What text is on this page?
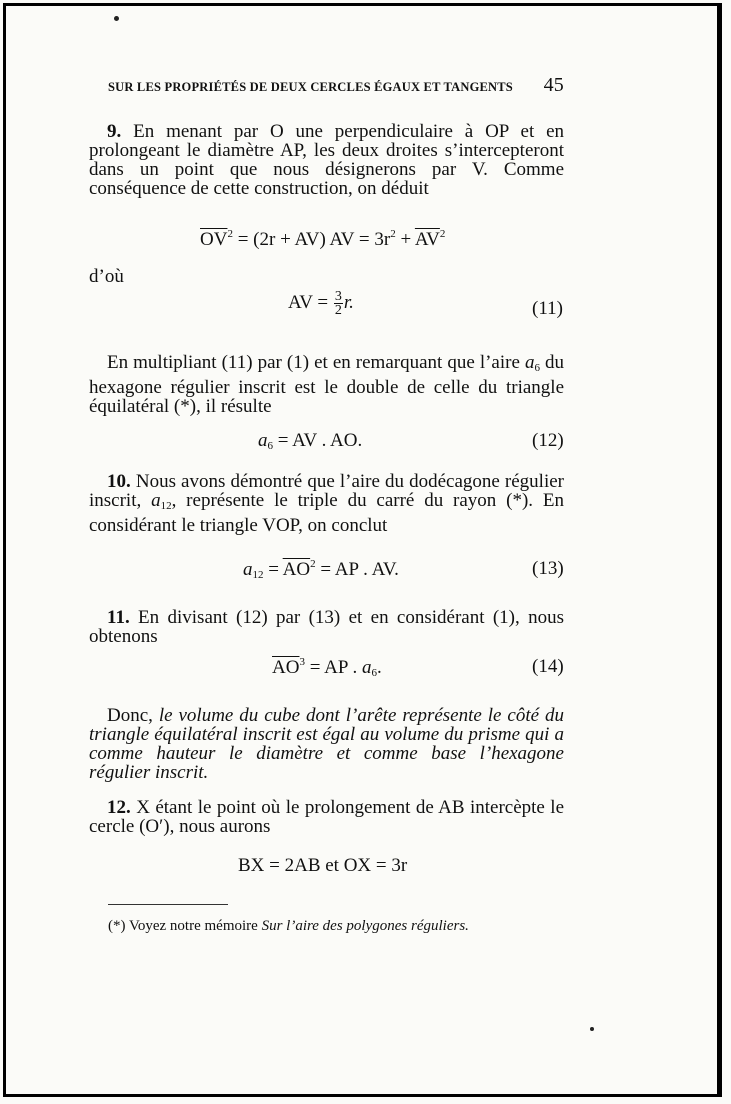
SUR LES PROPRIÉTÉS DE DEUX CERCLES ÉGAUX ET TANGENTS 45
9. En menant par O une perpendiculaire à OP et en prolongeant le diamètre AP, les deux droites s’intercepteront dans un point que nous désignerons par V. Comme conséquence de cette construction, on déduit
$\overline{OV}^2 = (2r + AV)$ AV = $3r^2 + \overline{AV}^2$
d’où
AV = $\frac{3}{2} r$.	(11)
En multipliant (11) par (1) et en remarquant que l’aire $a_6$ du hexagone régulier inscrit est le double de celle du triangle équilatéral (*), il résulte
$a_6$ = AV . AO.	(12)
10. Nous avons démontré que l’aire du dodécagone régulier inscrit, $a_{12}$, représente le triple du carré du rayon (*). En considérant le triangle VOP, on conclut
$a_{12} = \overline{AO}^2$ = AP . AV.	(13)
11. En divisant (12) par (13) et en considérant (1), nous obtenons
$\overline{AO}^3$ = AP . $a_6$.	(14)
Donc, le volume du cube dont l’arête représente le côté du triangle équilatéral inscrit est égal au volume du prisme qui a comme hauteur le diamètre et comme base l’hexagone régulier inscrit.
12. X étant le point où le prolongement de AB intercèpte le cercle (O′), nous aurons
BX = 2AB et OX = 3r
(*) Voyez notre mémoire Sur l’aire des polygones réguliers.
